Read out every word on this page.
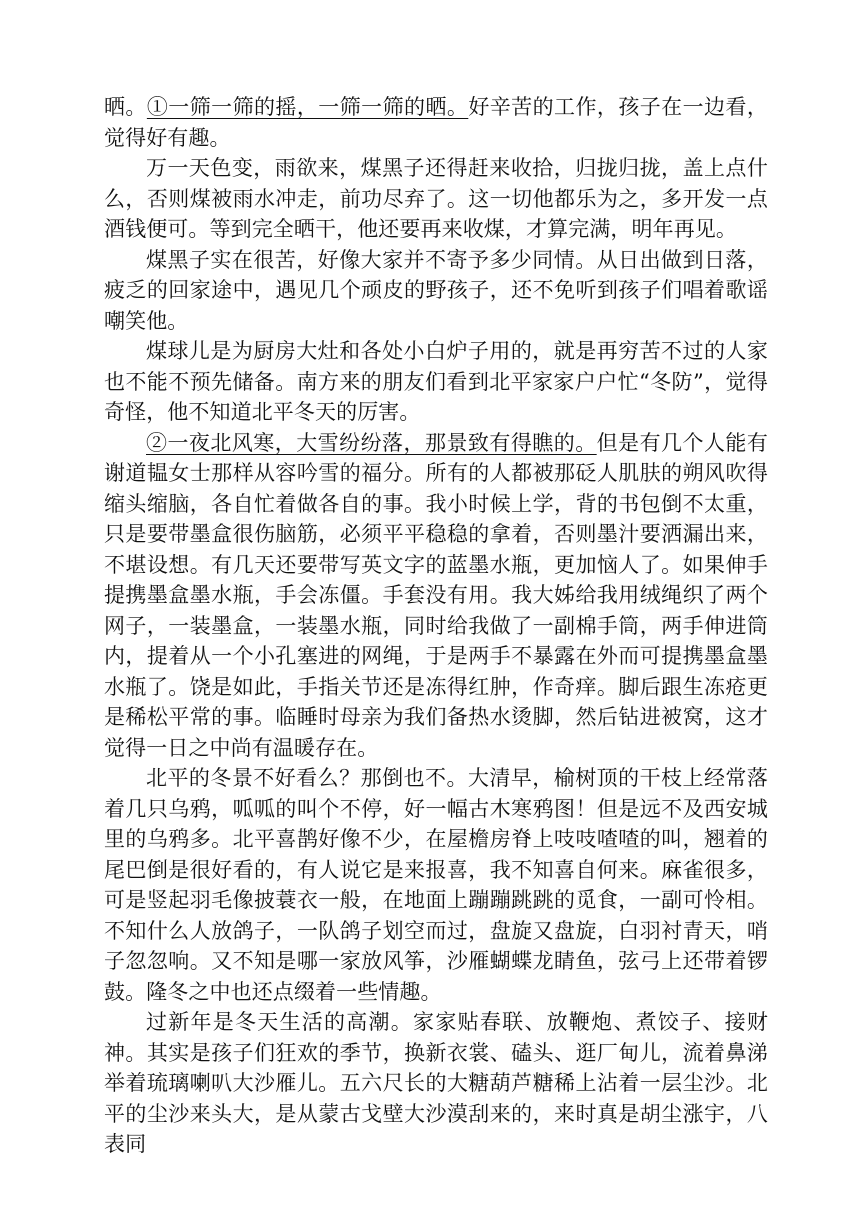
晒。①一筛一筛的摇，一筛一筛的晒。好辛苦的工作，孩子在一边看，觉得好有趣。

万一天色变，雨欲来，煤黑子还得赶来收拾，归拢归拢，盖上点什么，否则煤被雨水冲走，前功尽弃了。这一切他都乐为之，多开发一点酒钱便可。等到完全晒干，他还要再来收煤，才算完满，明年再见。

煤黑子实在很苦，好像大家并不寄予多少同情。从日出做到日落，疲乏的回家途中，遇见几个顽皮的野孩子，还不免听到孩子们唱着歌谣嘲笑他。

煤球儿是为厨房大灶和各处小白炉子用的，就是再穷苦不过的人家也不能不预先储备。南方来的朋友们看到北平家家户户忙“冬防”，觉得奇怪，他不知道北平冬天的厉害。

②一夜北风寒，大雪纷纷落，那景致有得瞧的。但是有几个人能有谢道韫女士那样从容吟雪的福分。所有的人都被那砭人肌肤的朔风吹得缩头缩脑，各自忙着做各自的事。我小时候上学，背的书包倒不太重，只是要带墨盒很伤脑筋，必须平平稳稳的拿着，否则墨汁要洒漏出来，不堪设想。有几天还要带写英文字的蓝墨水瓶，更加恼人了。如果伸手提携墨盒墨水瓶，手会冻僵。手套没有用。我大姊给我用绒绳织了两个网子，一装墨盒，一装墨水瓶，同时给我做了一副棉手筒，两手伸进筒内，提着从一个小孔塞进的网绳，于是两手不暴露在外而可提携墨盒墨水瓶了。饶是如此，手指关节还是冻得红肿，作奇痒。脚后跟生冻疮更是稀松平常的事。临睡时母亲为我们备热水烫脚，然后钻进被窝，这才觉得一日之中尚有温暖存在。

北平的冬景不好看么？那倒也不。大清早，榆树顶的干枝上经常落着几只乌鸦，呱呱的叫个不停，好一幅古木寒鸦图！但是远不及西安城里的乌鸦多。北平喜鹊好像不少，在屋檐房脊上吱吱喳喳的叫，翘着的尾巴倒是很好看的，有人说它是来报喜，我不知喜自何来。麻雀很多，可是竖起羽毛像披蓑衣一般，在地面上蹦蹦跳跳的觅食，一副可怜相。不知什么人放鸽子，一队鸽子划空而过，盘旋又盘旋，白羽衬青天，哨子忽忽响。又不知是哪一家放风筝，沙雁蝴蝶龙睛鱼，弦弓上还带着锣鼓。隆冬之中也还点缀着一些情趣。

过新年是冬天生活的高潮。家家贴春联、放鞭炮、煮饺子、接财神。其实是孩子们狂欢的季节，换新衣裳、磕头、逛厂甸儿，流着鼻涕举着琉璃喇叭大沙雁儿。五六尺长的大糖葫芦糖稀上沾着一层尘沙。北平的尘沙来头大，是从蒙古戈壁大沙漠刮来的，来时真是胡尘涨宇，八表同
